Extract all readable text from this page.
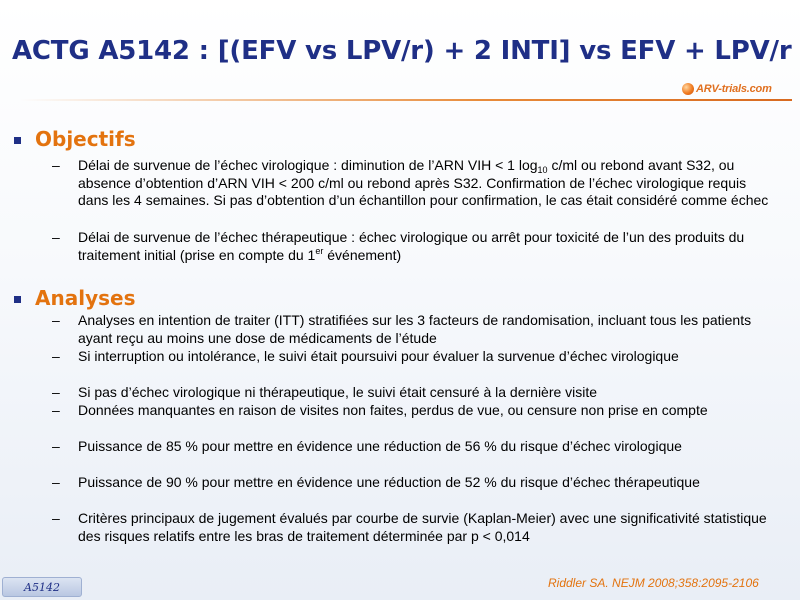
ACTG A5142 : [(EFV vs LPV/r) + 2 INTI] vs EFV + LPV/r
ARV-trials.com
Objectifs
–	Délai de survenue de l’échec virologique : diminution de l’ARN VIH < 1 $\log_{10} c/ml$ ou rebond avant S32, ou absence d’obtention d’ARN VIH < 200 c/ml ou rebond après S32. Confirmation de l’échec virologique requis dans les 4 semaines. Si pas d’obtention d’un échantillon pour confirmation, le cas était considéré comme échec
–	Délai de survenue de l’échec thérapeutique : échec virologique ou arrêt pour toxicité de l’un des produits du traitement initial (prise en compte du 1er événement)
Analyses
–	Analyses en intention de traiter (ITT) stratifiées sur les 3 facteurs de randomisation, incluant tous les patients ayant reçu au moins une dose de médicaments de l’étude
–	Si interruption ou intolérance, le suivi était poursuivi pour évaluer la survenue d’échec virologique
–	Si pas d’échec virologique ni thérapeutique, le suivi était censuré à la dernière visite
–	Données manquantes en raison de visites non faites, perdus de vue, ou censure non prise en compte
–	Puissance de 85 % pour mettre en évidence une réduction de 56 % du risque d’échec virologique
–	Puissance de 90 % pour mettre en évidence une réduction de 52 % du risque d’échec thérapeutique
–	Critères principaux de jugement évalués par courbe de survie (Kaplan-Meier) avec une significativité statistique des risques relatifs entre les bras de traitement déterminée par p < 0,014
A5142	Riddler SA. NEJM 2008;358:2095-2106
